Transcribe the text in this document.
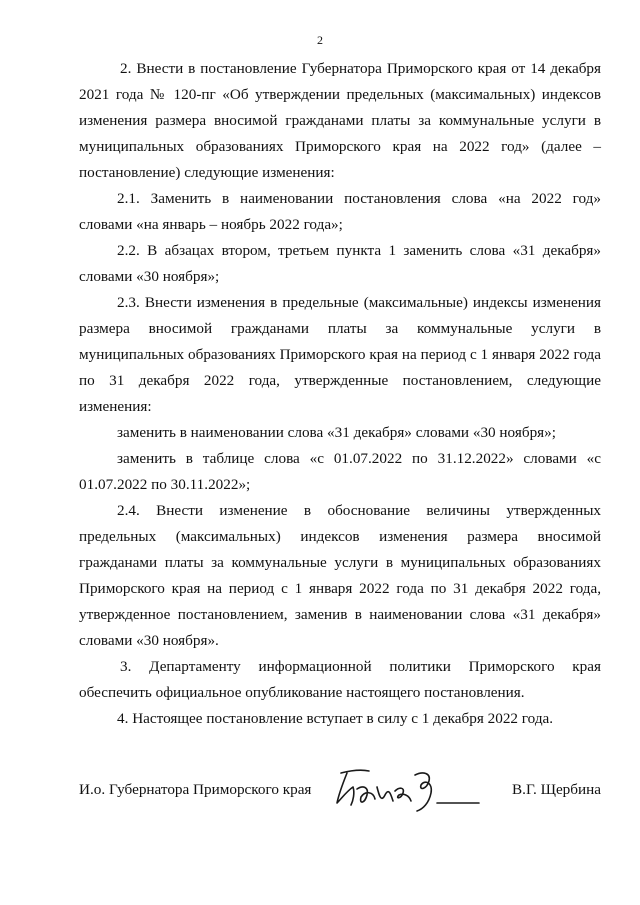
2

2. Внести в постановление Губернатора Приморского края от 14 декабря 2021 года № 120-пг «Об утверждении предельных (максимальных) индексов изменения размера вносимой гражданами платы за коммунальные услуги в муниципальных образованиях Приморского края на 2022 год» (далее – постановление) следующие изменения:

2.1. Заменить в наименовании постановления слова «на 2022 год» словами «на январь – ноябрь 2022 года»;

2.2. В абзацах втором, третьем пункта 1 заменить слова «31 декабря» словами «30 ноября»;

2.3. Внести изменения в предельные (максимальные) индексы изменения размера вносимой гражданами платы за коммунальные услуги в муниципальных образованиях Приморского края на период с 1 января 2022 года по 31 декабря 2022 года, утвержденные постановлением, следующие изменения:

заменить в наименовании слова «31 декабря» словами «30 ноября»;

заменить в таблице слова «с 01.07.2022 по 31.12.2022» словами «с 01.07.2022 по 30.11.2022»;

2.4. Внести изменение в обоснование величины утвержденных предельных (максимальных) индексов изменения размера вносимой гражданами платы за коммунальные услуги в муниципальных образованиях Приморского края на период с 1 января 2022 года по 31 декабря 2022 года, утвержденное постановлением, заменив в наименовании слова «31 декабря» словами «30 ноября».

3. Департаменту информационной политики Приморского края обеспечить официальное опубликование настоящего постановления.

4. Настоящее постановление вступает в силу с 1 декабря 2022 года.

И.о. Губернатора Приморского края	В.Г. Щербина
